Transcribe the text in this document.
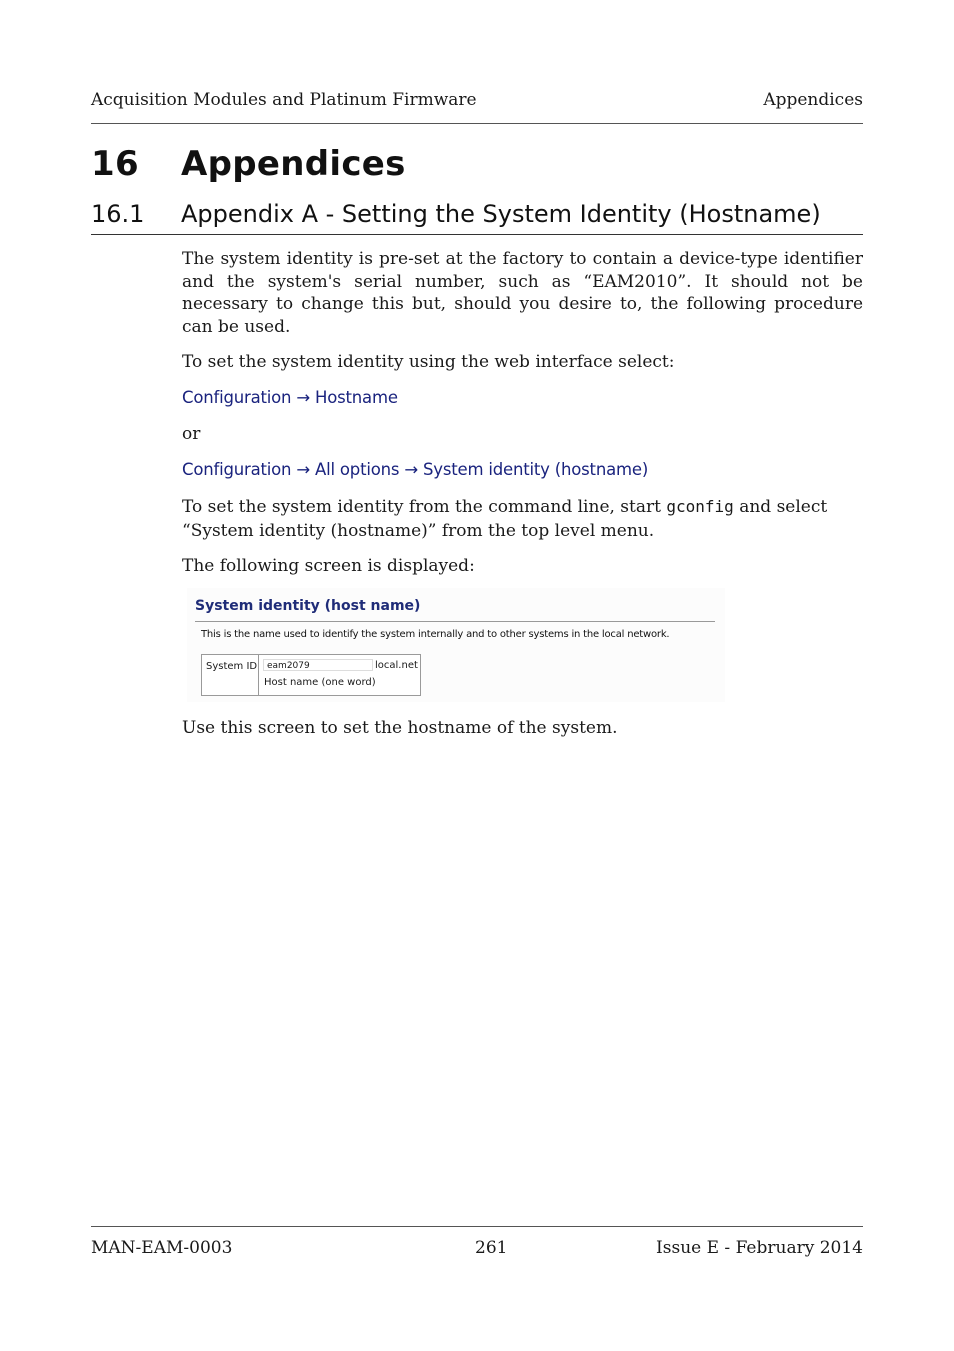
Acquisition Modules and Platinum Firmware	Appendices
16 Appendices
16.1 Appendix A - Setting the System Identity (Hostname)
The system identity is pre-set at the factory to contain a device-type identifier and the system's serial number, such as “EAM2010”. It should not be necessary to change this but, should you desire to, the following procedure can be used.
To set the system identity using the web interface select:
Configuration → Hostname
or
Configuration → All options → System identity (hostname)
To set the system identity from the command line, start gconfig and select “System identity (hostname)” from the top level menu.
The following screen is displayed:
System identity (host name)
This is the name used to identify the system internally and to other systems in the local network.
System ID	eam2079	local.net
Host name (one word)
Use this screen to set the hostname of the system.
MAN-EAM-0003	261	Issue E - February 2014
